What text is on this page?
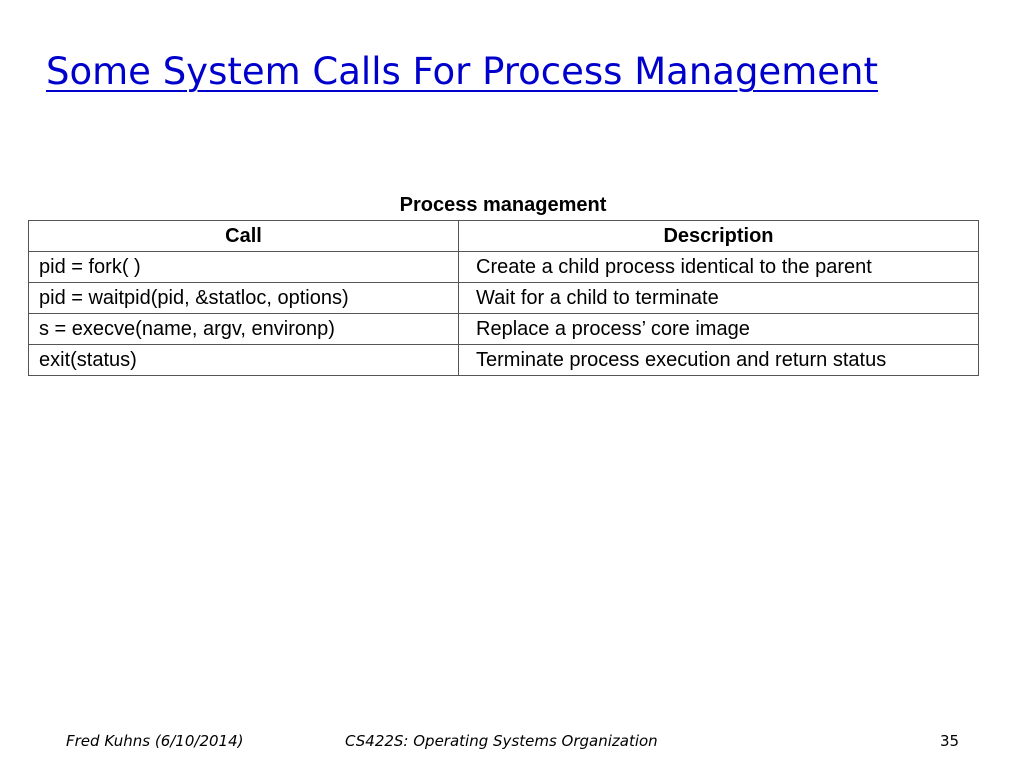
Some System Calls For Process Management
Process management
Call	Description
pid = fork( )	Create a child process identical to the parent
pid = waitpid(pid, &statloc, options)	Wait for a child to terminate
s = execve(name, argv, environp)	Replace a process’ core image
exit(status)	Terminate process execution and return status
Fred Kuhns (6/10/2014)	CS422S: Operating Systems Organization	35
